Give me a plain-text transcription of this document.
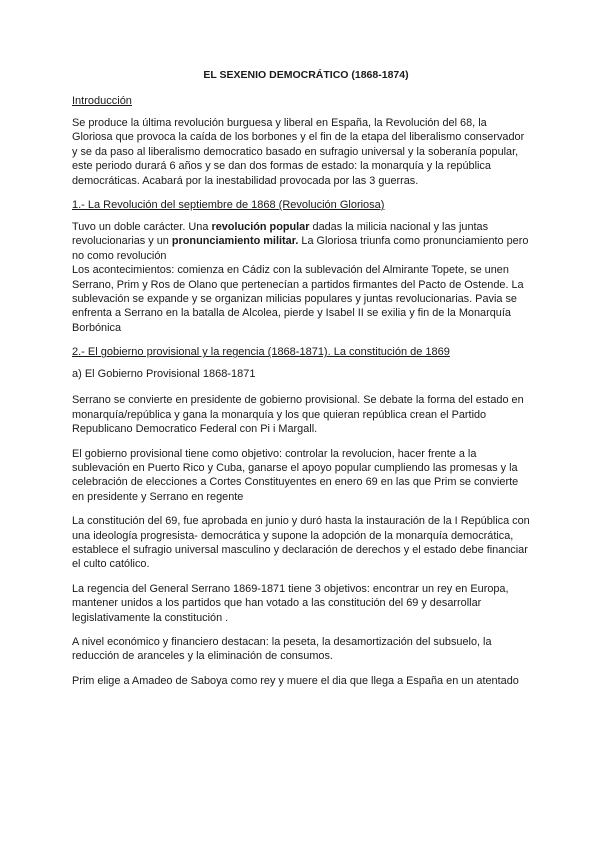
EL SEXENIO DEMOCRÁTICO (1868-1874)
Introducción

Se produce la última revolución burguesa y liberal en España, la Revolución del 68, la Gloriosa que provoca la caída de los borbones y el fin de la etapa del liberalismo conservador y se da paso al liberalismo democratico basado en sufragio universal y la soberanía popular, este periodo durará 6 años y se dan dos formas de estado: la monarquía y la república democráticas. Acabará por la inestabilidad provocada por las 3 guerras.

1.- La Revolución del septiembre de 1868 (Revolución Gloriosa)

Tuvo un doble carácter. Una revolución popular dadas la milicia nacional y las juntas revolucionarias y un pronunciamiento militar. La Gloriosa triunfa como pronunciamiento pero no como revolución

Los acontecimientos: comienza en Cádiz con la sublevación del Almirante Topete, se unen Serrano, Prim y Ros de Olano que pertenecían a partidos firmantes del Pacto de Ostende. La sublevación se expande y se organizan milicias populares y juntas revolucionarias. Pavia se enfrenta a Serrano en la batalla de Alcolea, pierde y Isabel II se exilia y fin de la Monarquía Borbónica

2.- El gobierno provisional y la regencia (1868-1871). La constitución de 1869
a) El Gobierno Provisional 1868-1871

Serrano se convierte en presidente de gobierno provisional. Se debate la forma del estado en monarquía/república y gana la monarquía y los que quieran república crean el Partido Republicano Democratico Federal con Pi i Margall.

El gobierno provisional tiene como objetivo: controlar la revolucion, hacer frente a la sublevación en Puerto Rico y Cuba, ganarse el apoyo popular cumpliendo las promesas y la celebración de elecciones a Cortes Constituyentes en enero 69 en las que Prim se convierte en presidente y Serrano en regente

La constitución del 69, fue aprobada en junio y duró hasta la instauración de la I República con una ideología progresista- democrática y supone la adopción de la monarquía democrática, establece el sufragio universal masculino y declaración de derechos y el estado debe financiar el culto católico.

La regencia del General Serrano 1869-1871 tiene 3 objetivos: encontrar un rey en Europa, mantener unidos a los partidos que han votado a las constitución del 69 y desarrollar legislativamente la constitución .

A nivel económico y financiero destacan: la peseta, la desamortización del subsuelo, la reducción de aranceles y la eliminación de consumos.

Prim elige a Amadeo de Saboya como rey y muere el dia que llega a España en un atentado
